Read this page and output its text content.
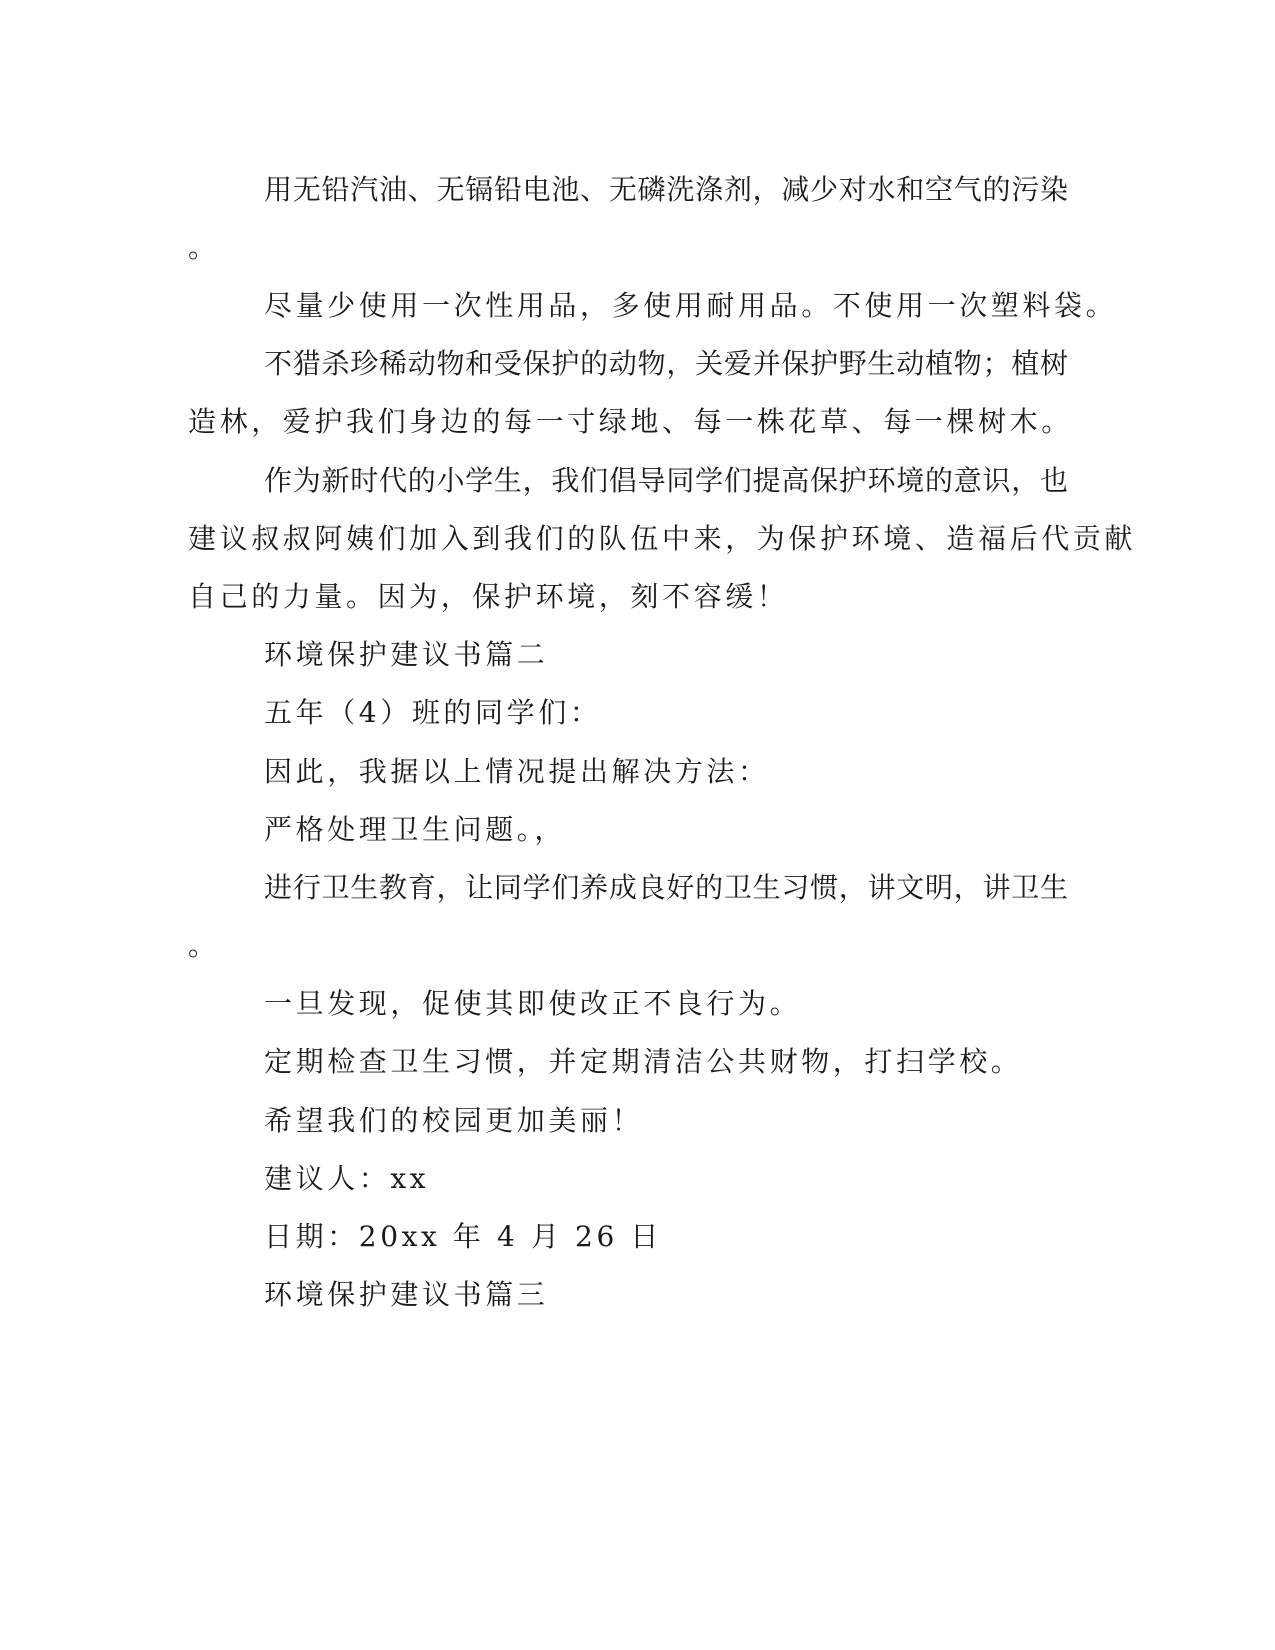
用无铅汽油、无镉铅电池、无磷洗涤剂，减少对水和空气的污染

。

尽量少使用一次性用品，多使用耐用品。不使用一次塑料袋。

不猎杀珍稀动物和受保护的动物，关爱并保护野生动植物；植树

造林，爱护我们身边的每一寸绿地、每一株花草、每一棵树木。

作为新时代的小学生，我们倡导同学们提高保护环境的意识，也

建议叔叔阿姨们加入到我们的队伍中来，为保护环境、造福后代贡献

自己的力量。因为，保护环境，刻不容缓！

环境保护建议书篇二

五年（4）班的同学们：

因此，我据以上情况提出解决方法：

严格处理卫生问题。，

进行卫生教育，让同学们养成良好的卫生习惯，讲文明，讲卫生

。

一旦发现，促使其即使改正不良行为。

定期检查卫生习惯，并定期清洁公共财物，打扫学校。

希望我们的校园更加美丽！

建议人：xx

日期：20xx 年 4 月 26 日

环境保护建议书篇三
